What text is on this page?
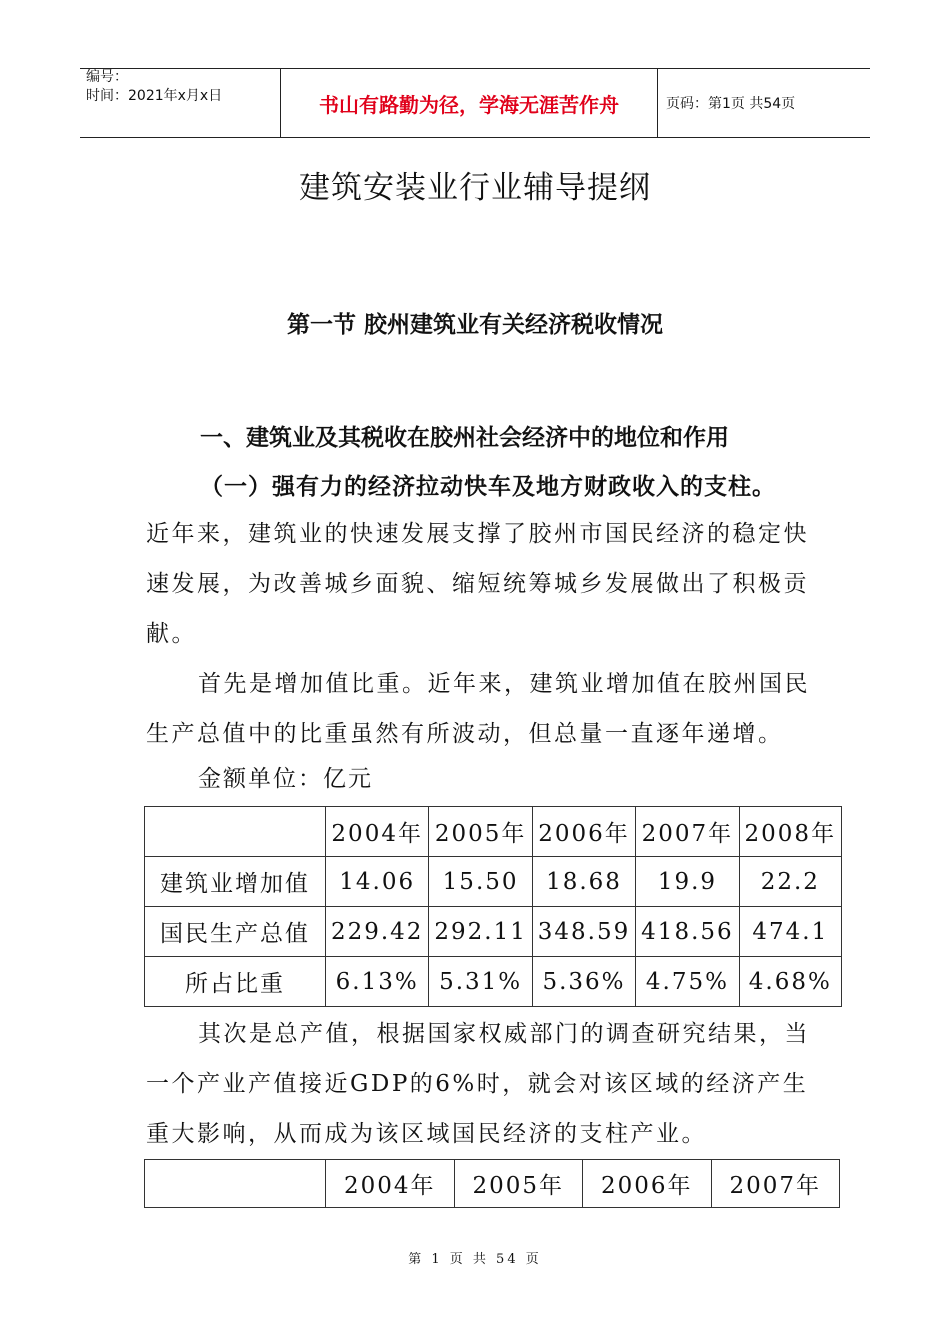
编号：
时间：2021年x月x日	书山有路勤为径，学海无涯苦作舟	页码：第1页 共54页
建筑安装业行业辅导提纲
第一节 胶州建筑业有关经济税收情况
一、建筑业及其税收在胶州社会经济中的地位和作用
（一）强有力的经济拉动快车及地方财政收入的支柱。

近年来，建筑业的快速发展支撑了胶州市国民经济的稳定快速发展，为改善城乡面貌、缩短统筹城乡发展做出了积极贡献。

首先是增加值比重。近年来，建筑业增加值在胶州国民生产总值中的比重虽然有所波动，但总量一直逐年递增。

金额单位：亿元
	2004年	2005年	2006年	2007年	2008年
建筑业增加值	14.06	15.50	18.68	19.9	22.2
国民生产总值	229.42	292.11	348.59	418.56	474.1
所占比重	6.13%	5.31%	5.36%	4.75%	4.68%

其次是总产值，根据国家权威部门的调查研究结果，当一个产业产值接近GDP的6%时，就会对该区域的经济产生重大影响，从而成为该区域国民经济的支柱产业。

	2004年	2005年	2006年	2007年
第 1 页 共 54 页
